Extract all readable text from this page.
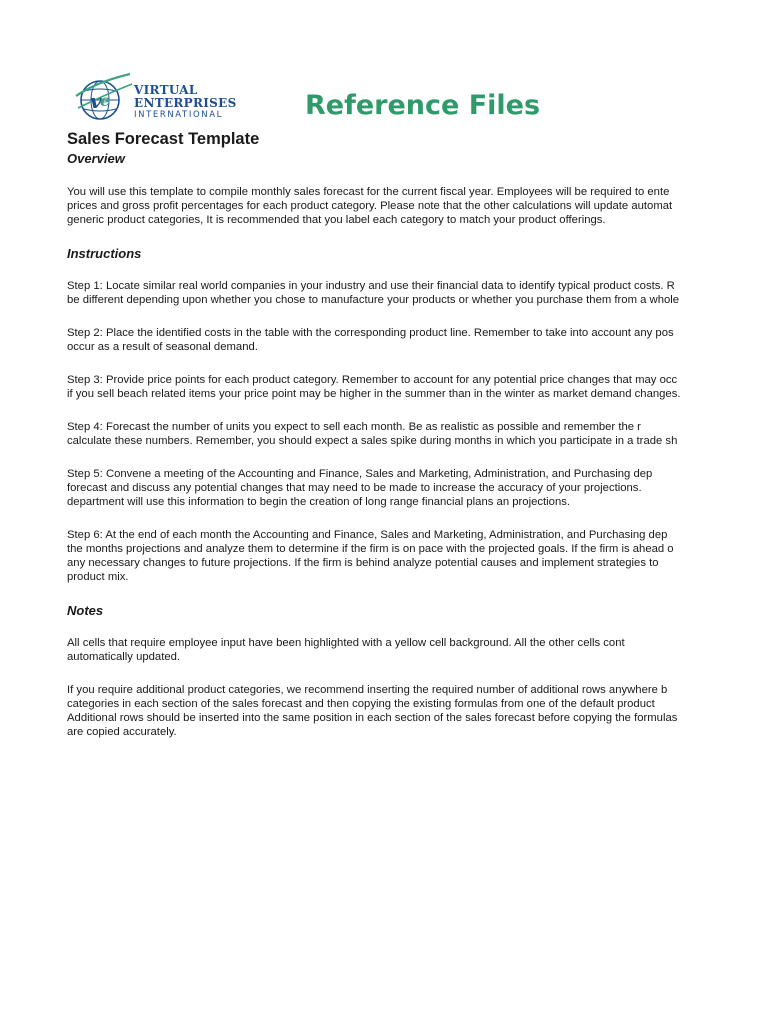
v
e
VIRTUAL
ENTERPRISES
INTERNATIONAL	Reference Files
Sales Forecast Template
Overview

You will use this template to compile monthly sales forecast for the current fiscal year. Employees will be required to ente
prices and gross profit percentages for each product category. Please note that the other calculations will update automat
generic product categories, It is recommended that you label each category to match your product offerings.

Instructions

Step 1: Locate similar real world companies in your industry and use their financial data to identify typical product costs. R
be different depending upon whether you chose to manufacture your products or whether you purchase them from a whole

Step 2: Place the identified costs in the table with the corresponding product line. Remember to take into account any pos
occur as a result of seasonal demand.

Step 3: Provide price points for each product category. Remember to account for any potential price changes that may occ
if you sell beach related items your price point may be higher in the summer than in the winter as market demand changes.

Step 4: Forecast the number of units you expect to sell each month. Be as realistic as possible and remember the r
calculate these numbers. Remember, you should expect a sales spike during months in which you participate in a trade sh

Step 5: Convene a meeting of the Accounting and Finance, Sales and Marketing, Administration, and Purchasing dep
forecast and discuss any potential changes that may need to be made to increase the accuracy of your projections.
department will use this information to begin the creation of long range financial plans an projections.

Step 6: At the end of each month the Accounting and Finance, Sales and Marketing, Administration, and Purchasing dep
the months projections and analyze them to determine if the firm is on pace with the projected goals. If the firm is ahead o
any necessary changes to future projections. If the firm is behind analyze potential causes and implement strategies to
product mix.

Notes

All cells that require employee input have been highlighted with a yellow cell background. All the other cells cont
automatically updated.

If you require additional product categories, we recommend inserting the required number of additional rows anywhere b
categories in each section of the sales forecast and then copying the existing formulas from one of the default product
Additional rows should be inserted into the same position in each section of the sales forecast before copying the formulas
are copied accurately.
